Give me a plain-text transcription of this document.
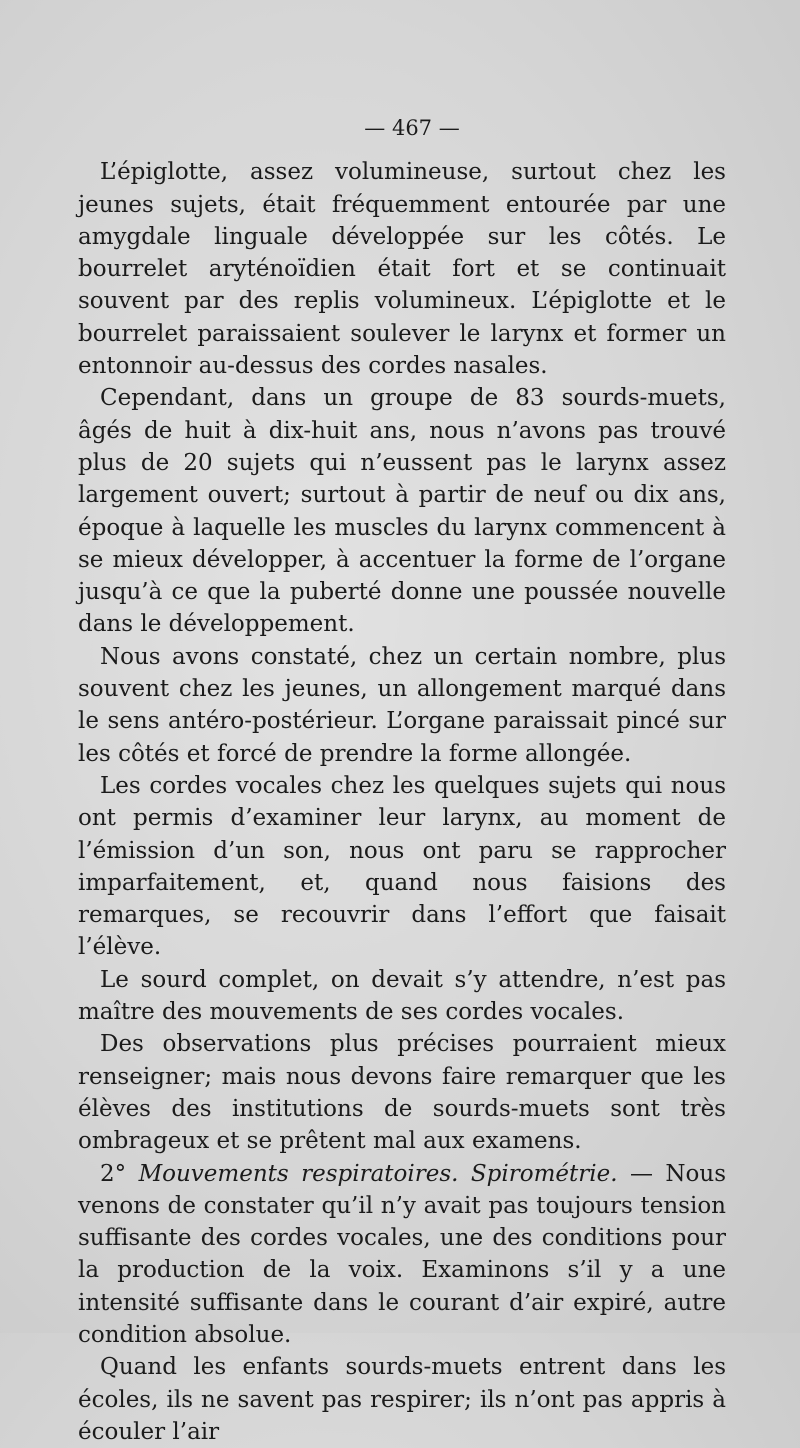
— 467 —

L’épiglotte, assez volumineuse, surtout chez les jeunes sujets, était fréquemment entourée par une amygdale linguale développée sur les côtés. Le bourrelet aryténoïdien était fort et se continuait souvent par des replis volumineux. L’épiglotte et le bourrelet paraissaient soulever le larynx et former un entonnoir au-dessus des cordes nasales.

Cependant, dans un groupe de 83 sourds-muets, âgés de huit à dix-huit ans, nous n’avons pas trouvé plus de 20 sujets qui n’eussent pas le larynx assez largement ouvert; surtout à partir de neuf ou dix ans, époque à laquelle les muscles du larynx commencent à se mieux développer, à accentuer la forme de l’organe jusqu’à ce que la puberté donne une poussée nouvelle dans le développement.

Nous avons constaté, chez un certain nombre, plus souvent chez les jeunes, un allongement marqué dans le sens antéro-postérieur. L’organe paraissait pincé sur les côtés et forcé de prendre la forme allongée.

Les cordes vocales chez les quelques sujets qui nous ont permis d’examiner leur larynx, au moment de l’émission d’un son, nous ont paru se rapprocher imparfaitement, et, quand nous faisions des remarques, se recouvrir dans l’effort que faisait l’élève.

Le sourd complet, on devait s’y attendre, n’est pas maître des mouvements de ses cordes vocales.

Des observations plus précises pourraient mieux renseigner; mais nous devons faire remarquer que les élèves des institutions de sourds-muets sont très ombrageux et se prêtent mal aux examens.

2° Mouvements respiratoires. Spirométrie. — Nous venons de constater qu’il n’y avait pas toujours tension suffisante des cordes vocales, une des conditions pour la production de la voix. Examinons s’il y a une intensité suffisante dans le courant d’air expiré, autre condition absolue.

Quand les enfants sourds-muets entrent dans les écoles, ils ne savent pas respirer; ils n’ont pas appris à écouler l’air
